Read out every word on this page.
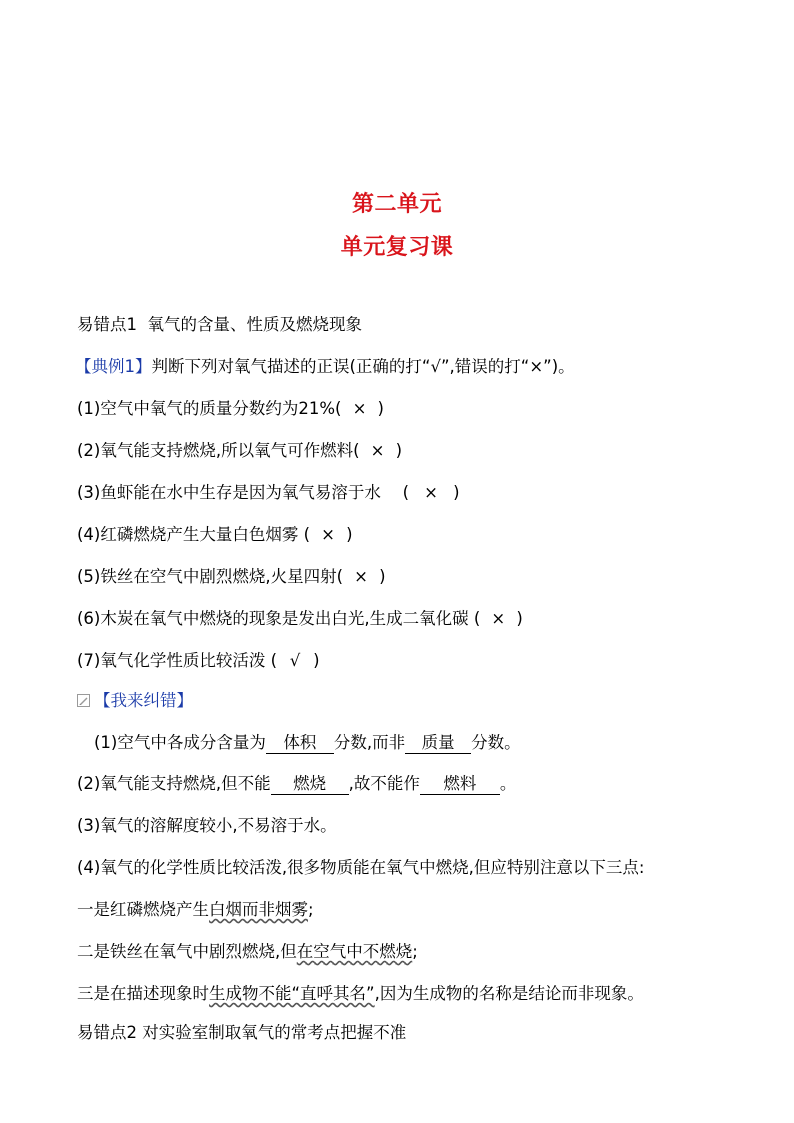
第二单元
单元复习课
易错点1 氧气的含量、性质及燃烧现象
【典例1】判断下列对氧气描述的正误(正确的打“√”,错误的打“×”)。
(1)空气中氧气的质量分数约为21%( × )
(2)氧气能支持燃烧,所以氧气可作燃料( × )
(3)鱼虾能在水中生存是因为氧气易溶于水　 ( × )
(4)红磷燃烧产生大量白色烟雾 ( × )
(5)铁丝在空气中剧烈燃烧,火星四射( × )
(6)木炭在氧气中燃烧的现象是发出白光,生成二氧化碳 ( × )
(7)氧气化学性质比较活泼 ( √ )
【我来纠错】
(1)空气中各成分含量为 体积 分数,而非 质量 分数。
(2)氧气能支持燃烧,但不能 燃烧 ,故不能作 燃料 。
(3)氧气的溶解度较小,不易溶于水。
(4)氧气的化学性质比较活泼,很多物质能在氧气中燃烧,但应特别注意以下三点:
一是红磷燃烧产生白烟而非烟雾;
二是铁丝在氧气中剧烈燃烧,但在空气中不燃烧;
三是在描述现象时生成物不能“直呼其名”,因为生成物的名称是结论而非现象。
易错点2 对实验室制取氧气的常考点把握不准
